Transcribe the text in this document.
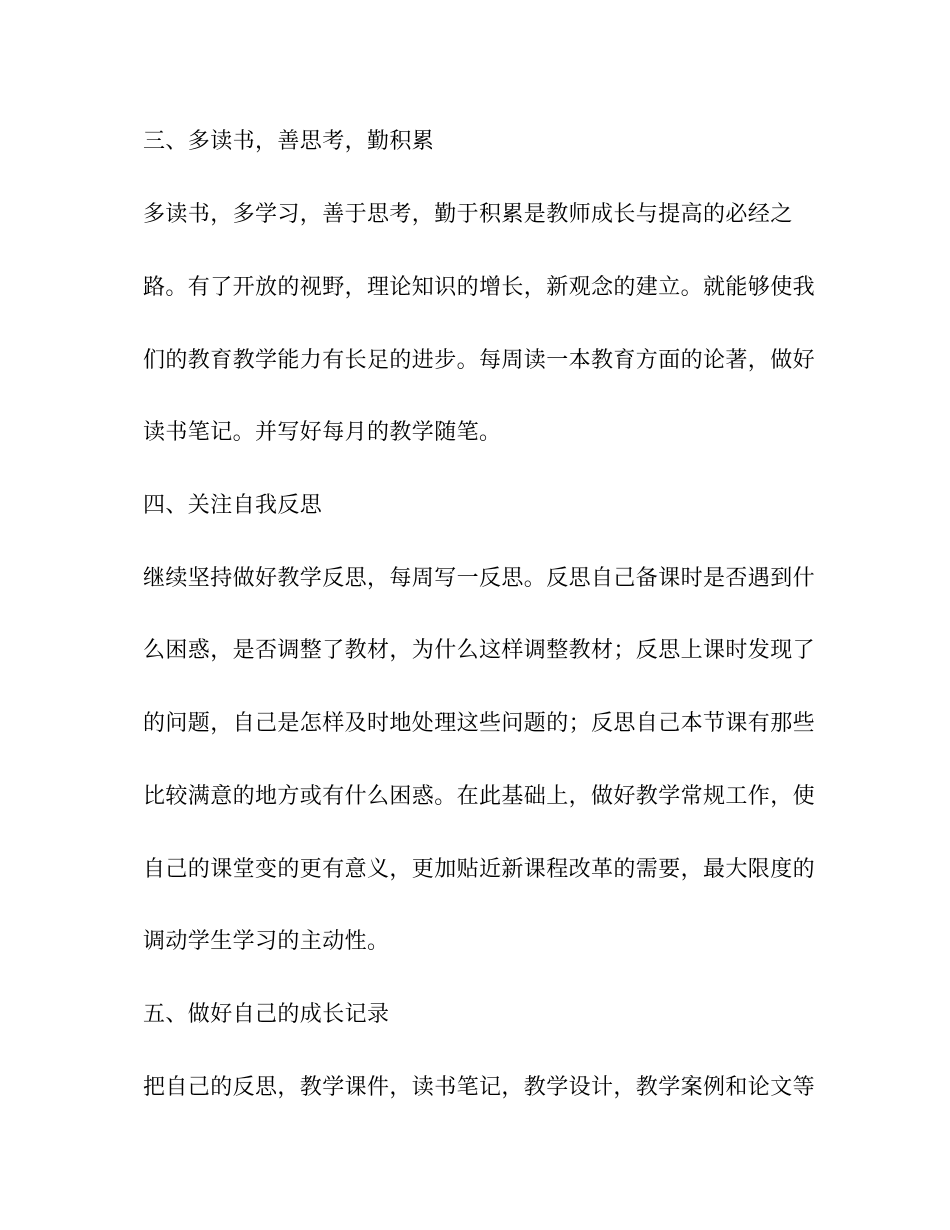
三、多读书，善思考，勤积累
多读书，多学习，善于思考，勤于积累是教师成长与提高的必经之
路。有了开放的视野，理论知识的增长，新观念的建立。就能够使我
们的教育教学能力有长足的进步。每周读一本教育方面的论著，做好
读书笔记。并写好每月的教学随笔。
四、关注自我反思
继续坚持做好教学反思，每周写一反思。反思自己备课时是否遇到什
么困惑，是否调整了教材，为什么这样调整教材；反思上课时发现了
的问题，自己是怎样及时地处理这些问题的；反思自己本节课有那些
比较满意的地方或有什么困惑。在此基础上，做好教学常规工作，使
自己的课堂变的更有意义，更加贴近新课程改革的需要，最大限度的
调动学生学习的主动性。
五、做好自己的成长记录
把自己的反思，教学课件，读书笔记，教学设计，教学案例和论文等
